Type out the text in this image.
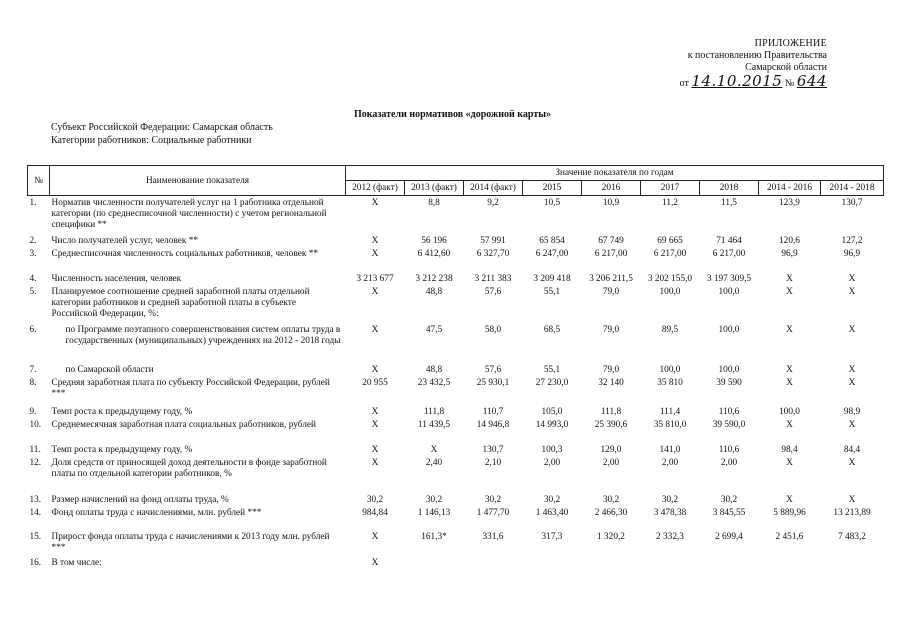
ПРИЛОЖЕНИЕ
к постановлению Правительства
Самарской области
от 14.10.2015 № 644
Показатели нормативов «дорожной карты»
Субъект Российской Федерации: Самарская область
Категории работников: Социальные работники
№	Наименование показателя	Значение показателя по годам								
		2012 (факт)	2013 (факт)	2014 (факт)	2015	2016	2017	2018	2014 - 2016	2014 - 2018
1.	Норматив численности получателей услуг на 1 работника отдельной категории (по среднесписочной численности) с учетом региональной специфики **	Х	8,8	9,2	10,5	10,9	11,2	11,5	123,9	130,7
2.	Число получателей услуг, человек **	Х	56 196	57 991	65 854	67 749	69 665	71 464	120,6	127,2
3.	Среднесписочная численность социальных работников, человек **	Х	6 412,60	6 327,70	6 247,00	6 217,00	6 217,00	6 217,00	96,9	96,9
4.	Численность населения, человек	3 213 677	3 212 238	3 211 383	3 209 418	3 206 211,5	3 202 155,0	3 197 309,5	Х	Х
5.	Планируемое соотношение средней заработной платы отдельной категории работников и средней заработной платы в субъекте Российской Федерации, %:	Х	48,8	57,6	55,1	79,0	100,0	100,0	Х	Х
6.	по Программе поэтапного совершенствования систем оплаты труда в государственных (муниципальных) учреждениях на 2012 - 2018 годы	Х	47,5	58,0	68,5	79,0	89,5	100,0	Х	Х
7.	по Самарской области	Х	48,8	57,6	55,1	79,0	100,0	100,0	Х	Х
8.	Средняя заработная плата по субъекту Российской Федерации, рублей ***	20 955	23 432,5	25 930,1	27 230,0	32 140	35 810	39 590	Х	Х
9.	Темп роста к предыдущему году, %	Х	111,8	110,7	105,0	111,8	111,4	110,6	100,0	98,9
10.	Среднемесячная заработная плата социальных работников, рублей	Х	11 439,5	14 946,8	14 993,0	25 390,6	35 810,0	39 590,0	Х	Х
11.	Темп роста к предыдущему году, %	Х	Х	130,7	100,3	129,0	141,0	110,6	98,4	84,4
12.	Доля средств от приносящей доход деятельности в фонде заработной платы по отдельной категории работников, %	Х	2,40	2,10	2,00	2,00	2,00	2,00	Х	Х
13.	Размер начислений на фонд оплаты труда, %	30,2	30,2	30,2	30,2	30,2	30,2	30,2	Х	Х
14.	Фонд оплаты труда с начислениями, млн. рублей ***	984,84	1 146,13	1 477,70	1 463,40	2 466,30	3 478,38	3 845,55	5 889,96	13 213,89
15.	Прирост фонда оплаты труда с начислениями к 2013 году млн. рублей ***	Х	161,3*	331,6	317,3	1 320,2	2 332,3	2 699,4	2 451,6	7 483,2
16.	В том числе:	Х								
